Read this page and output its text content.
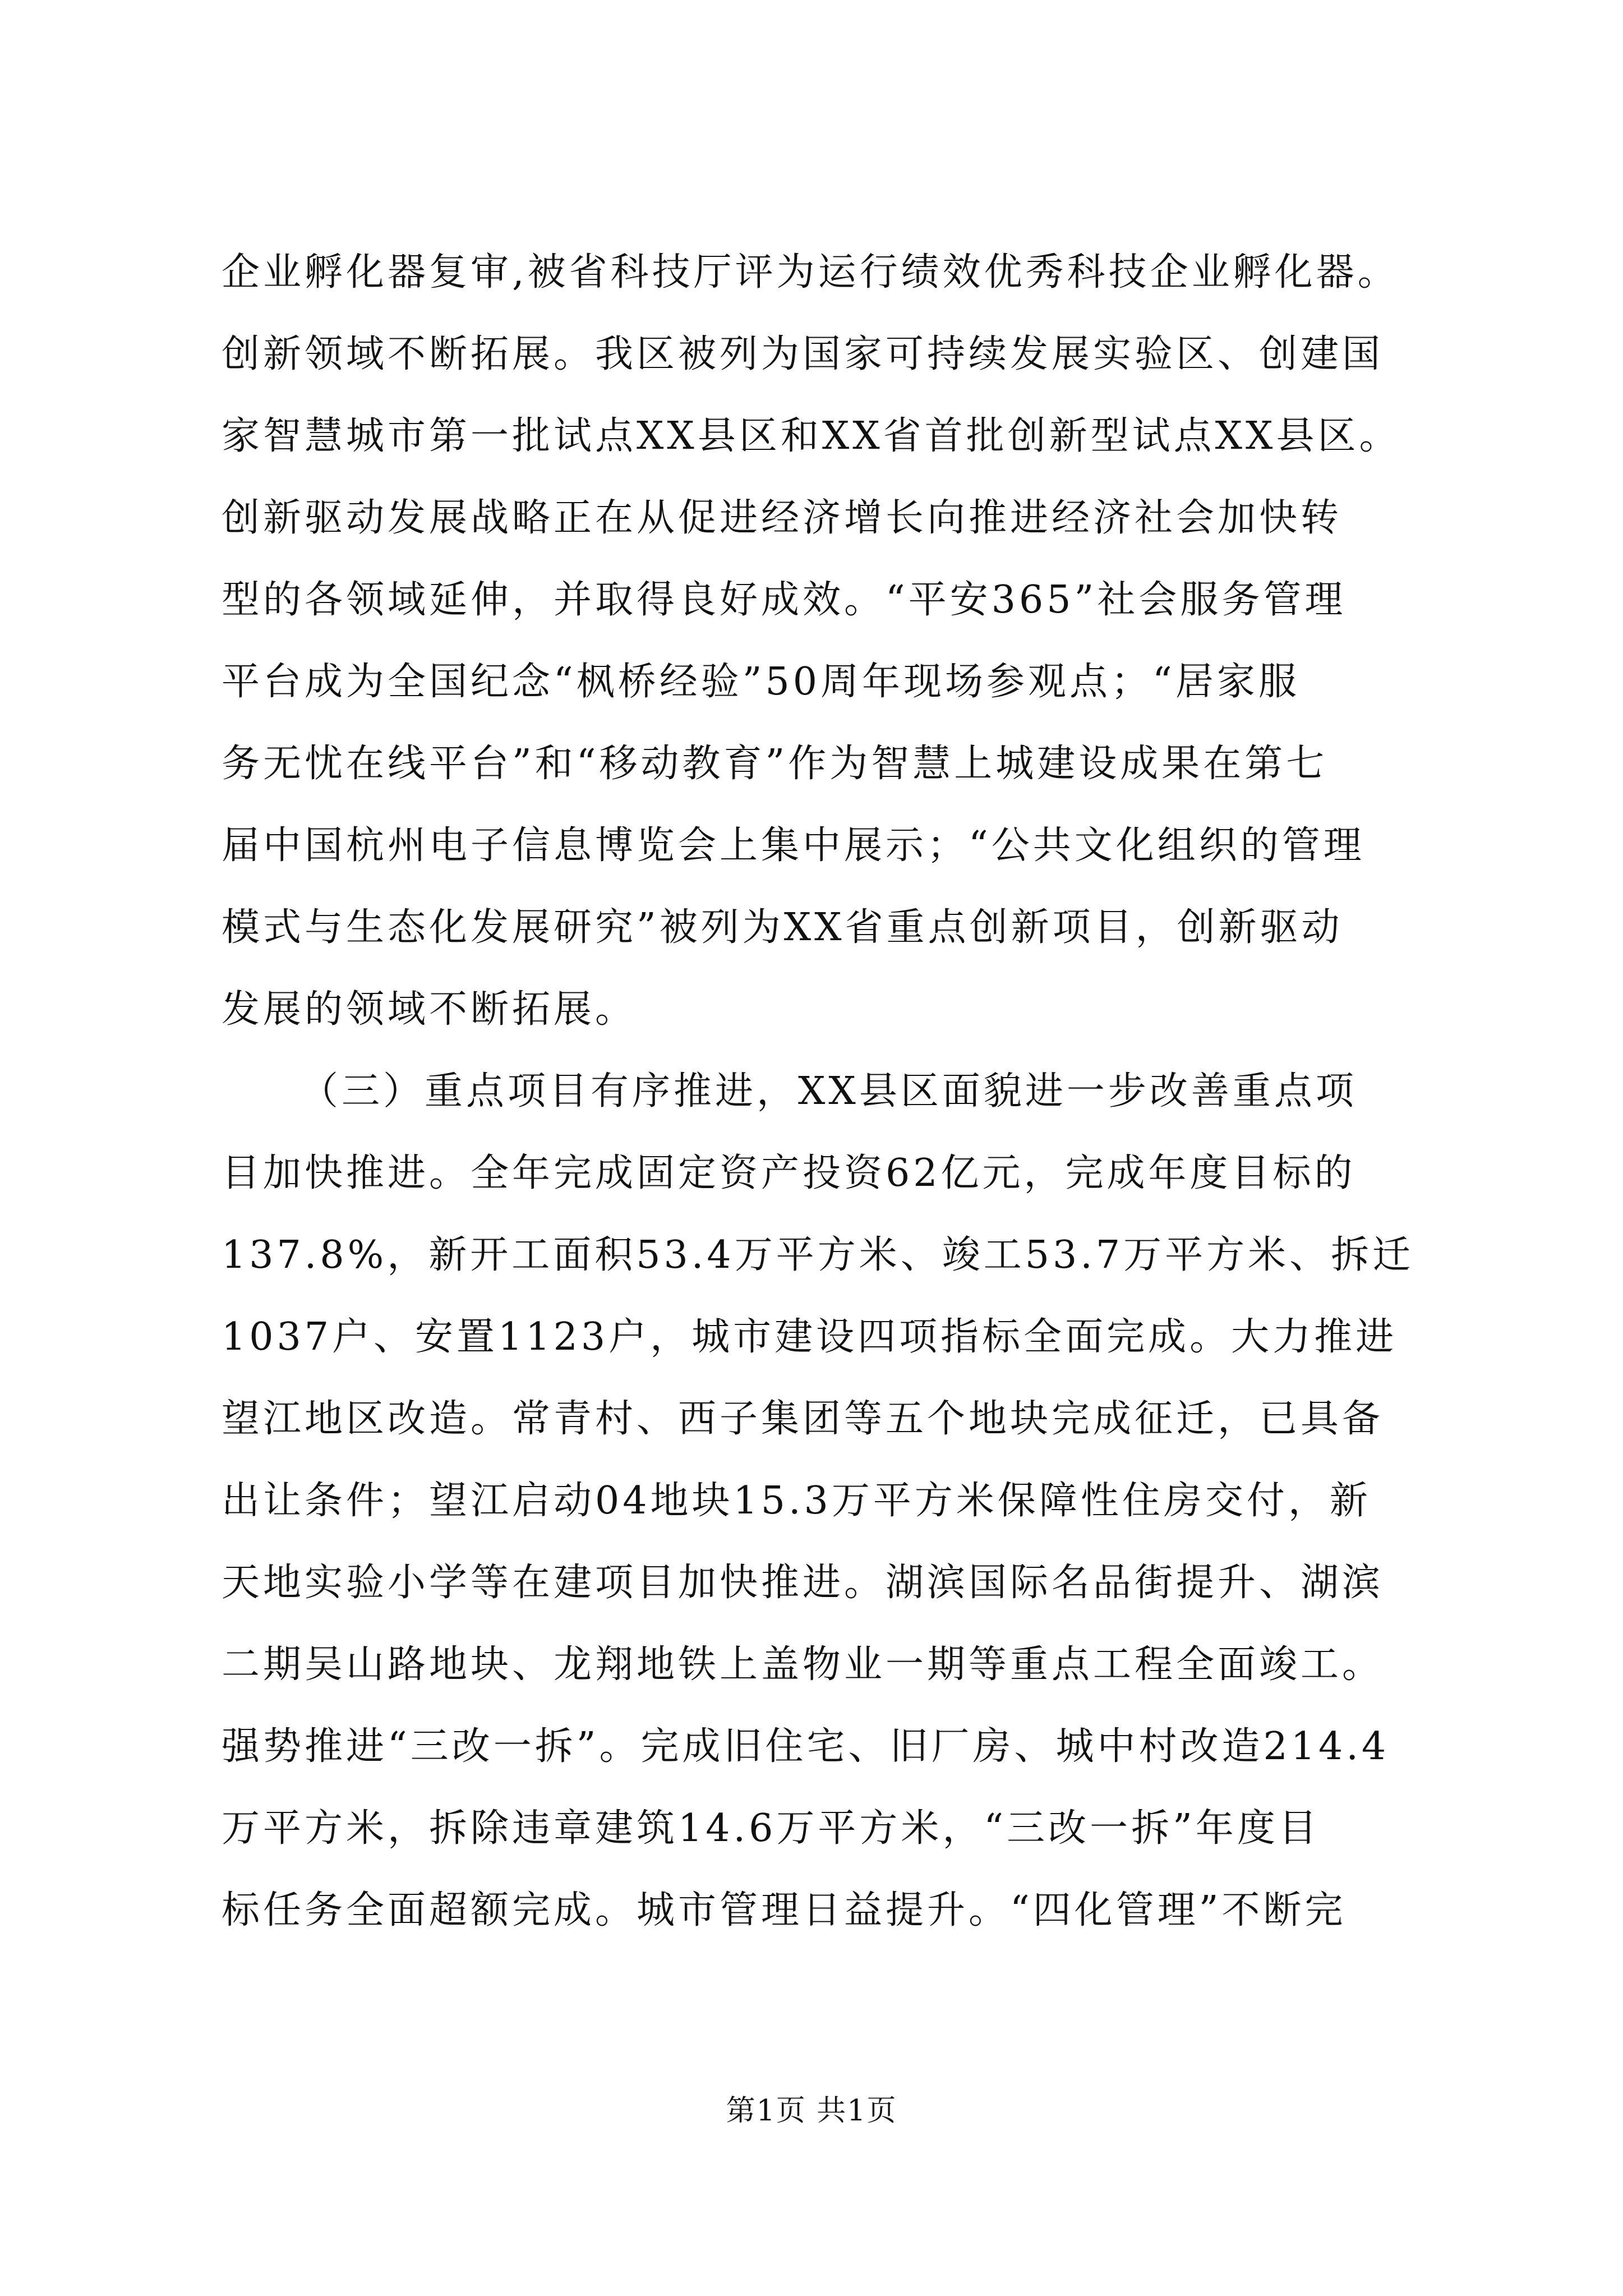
企业孵化器复审,被省科技厅评为运行绩效优秀科技企业孵化器。
创新领域不断拓展。我区被列为国家可持续发展实验区、创建国
家智慧城市第一批试点XX县区和XX省首批创新型试点XX县区。
创新驱动发展战略正在从促进经济增长向推进经济社会加快转
型的各领域延伸，并取得良好成效。“平安365”社会服务管理
平台成为全国纪念“枫桥经验”50周年现场参观点；“居家服
务无忧在线平台”和“移动教育”作为智慧上城建设成果在第七
届中国杭州电子信息博览会上集中展示；“公共文化组织的管理
模式与生态化发展研究”被列为XX省重点创新项目，创新驱动
发展的领域不断拓展。
（三）重点项目有序推进，XX县区面貌进一步改善重点项
目加快推进。全年完成固定资产投资62亿元，完成年度目标的
137.8%，新开工面积53.4万平方米、竣工53.7万平方米、拆迁
1037户、安置1123户，城市建设四项指标全面完成。大力推进
望江地区改造。常青村、西子集团等五个地块完成征迁，已具备
出让条件；望江启动04地块15.3万平方米保障性住房交付，新
天地实验小学等在建项目加快推进。湖滨国际名品街提升、湖滨
二期吴山路地块、龙翔地铁上盖物业一期等重点工程全面竣工。
强势推进“三改一拆”。完成旧住宅、旧厂房、城中村改造214.4
万平方米，拆除违章建筑14.6万平方米，“三改一拆”年度目
标任务全面超额完成。城市管理日益提升。“四化管理”不断完
第1页 共1页
